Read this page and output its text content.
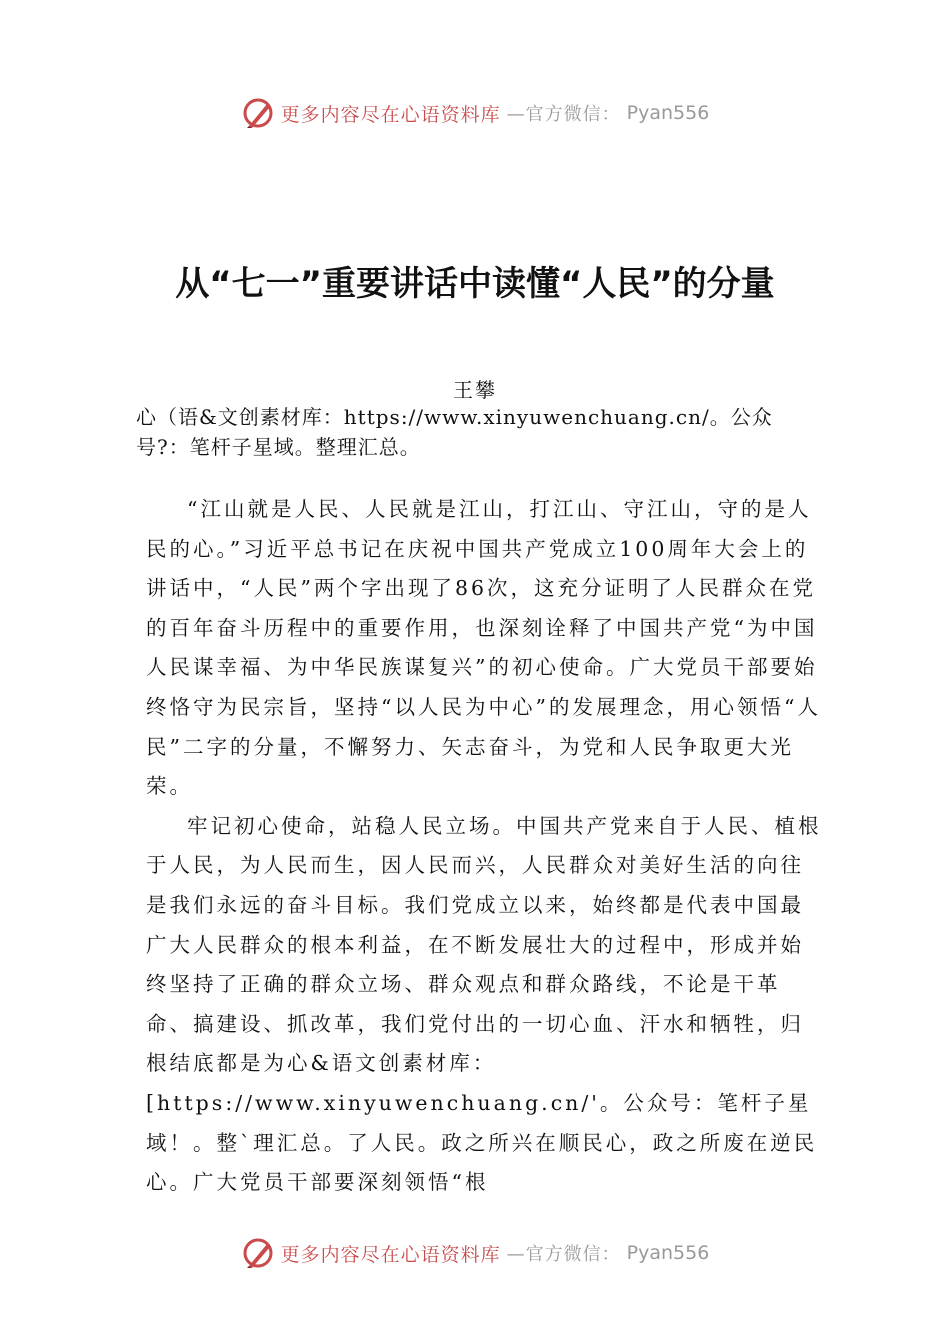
更多内容尽在心语资料库 —官方微信： Pyan556
从“七一”重要讲话中读懂“人民”的分量
王攀
心（语&文创素材库：https://www.xinyuwenchuang.cn/。公众号?：笔杆子星域。整理汇总。

“江山就是人民、人民就是江山，打江山、守江山，守的是人民的心。”习近平总书记在庆祝中国共产党成立100周年大会上的讲话中，“人民”两个字出现了86次，这充分证明了人民群众在党的百年奋斗历程中的重要作用，也深刻诠释了中国共产党“为中国人民谋幸福、为中华民族谋复兴”的初心使命。广大党员干部要始终恪守为民宗旨，坚持“以人民为中心”的发展理念，用心领悟“人民”二字的分量，不懈努力、矢志奋斗，为党和人民争取更大光荣。

牢记初心使命，站稳人民立场。中国共产党来自于人民、植根于人民，为人民而生，因人民而兴，人民群众对美好生活的向往是我们永远的奋斗目标。我们党成立以来，始终都是代表中国最广大人民群众的根本利益，在不断发展壮大的过程中，形成并始终坚持了正确的群众立场、群众观点和群众路线，不论是干革命、搞建设、抓改革，我们党付出的一切心血、汗水和牺牲，归根结底都是为心&语文创素材库：[https://www.xinyuwenchuang.cn/'。公众号：笔杆子星域！。整`理汇总。了人民。政之所兴在顺民心，政之所废在逆民心。广大党员干部要深刻领悟“根

更多内容尽在心语资料库 —官方微信： Pyan556
